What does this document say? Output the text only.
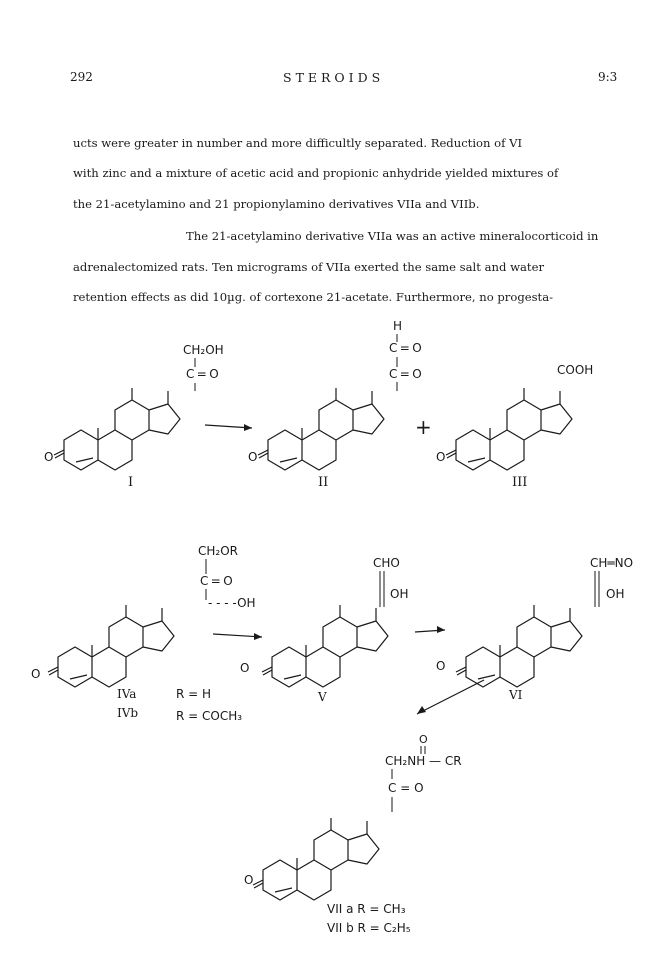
292	STEROIDS	9:3
ucts were greater in number and more difficultly separated. Reduction of VI
with zinc and a mixture of acetic acid and propionic anhydride yielded mixtures of
the 21-acetylamino and 21 propionylamino derivatives VIIa and VIIb.
The 21-acetylamino derivative VIIa was an active mineralocorticoid in
adrenalectomized rats. Ten micrograms of VIIa exerted the same salt and water
retention effects as did 10µg. of cortexone 21-acetate. Furthermore, no progesta-
CH₂OH
C = O
O
I
H
C = O
C = O
O
II
+
COOH
O
III
CH₂OR
C = O
- - - -OH
O
IVa
IVb
R = H
R = COCH₃
CHO
OH
O
V
CH═NO
OH
O
VI
O
CH₂NH — CR
C = O
O
VII a R = CH₃
VII b R = C₂H₅
